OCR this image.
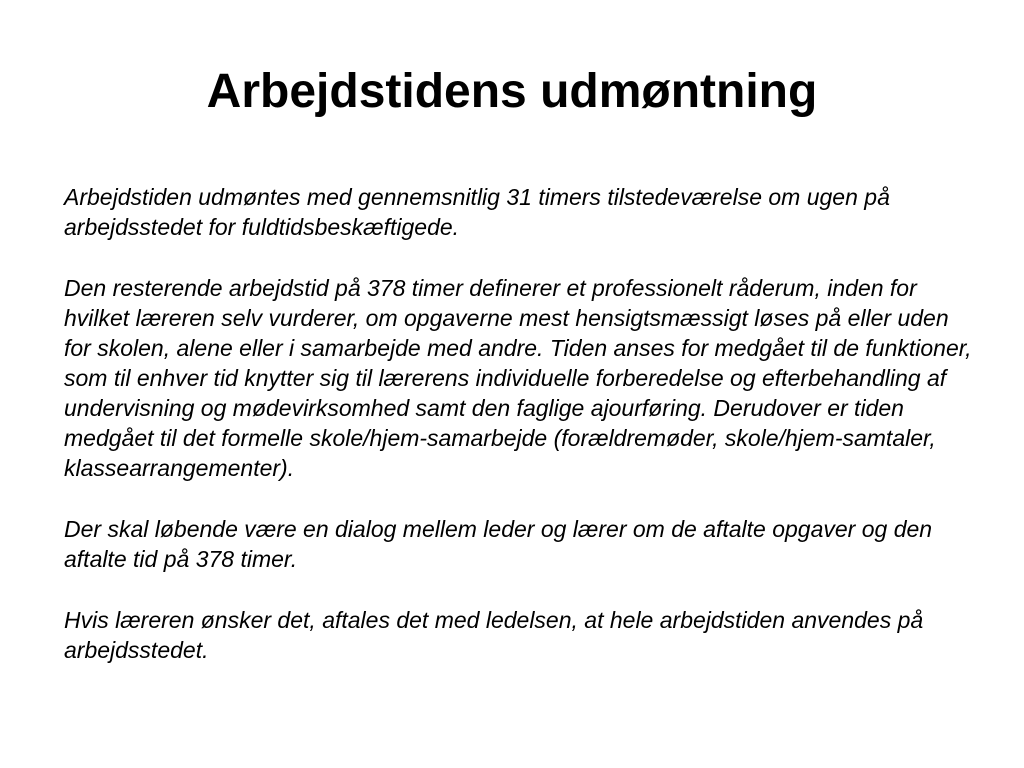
Arbejdstidens udmøntning

Arbejdstiden udmøntes med gennemsnitlig 31 timers tilstedeværelse om ugen på arbejdsstedet for fuldtidsbeskæftigede.

Den resterende arbejdstid på 378 timer definerer et professionelt råderum, inden for hvilket læreren selv vurderer, om opgaverne mest hensigtsmæssigt løses på eller uden for skolen, alene eller i samarbejde med andre. Tiden anses for medgået til de funktioner, som til enhver tid knytter sig til lærerens individuelle forberedelse og efterbehandling af undervisning og mødevirksomhed samt den faglige ajourføring. Derudover er tiden medgået til det formelle skole/hjem-samarbejde (forældremøder, skole/hjem-samtaler, klassearrangementer).

Der skal løbende være en dialog mellem leder og lærer om de aftalte opgaver og den aftalte tid på 378 timer.

Hvis læreren ønsker det, aftales det med ledelsen, at hele arbejdstiden anvendes på arbejdsstedet.
